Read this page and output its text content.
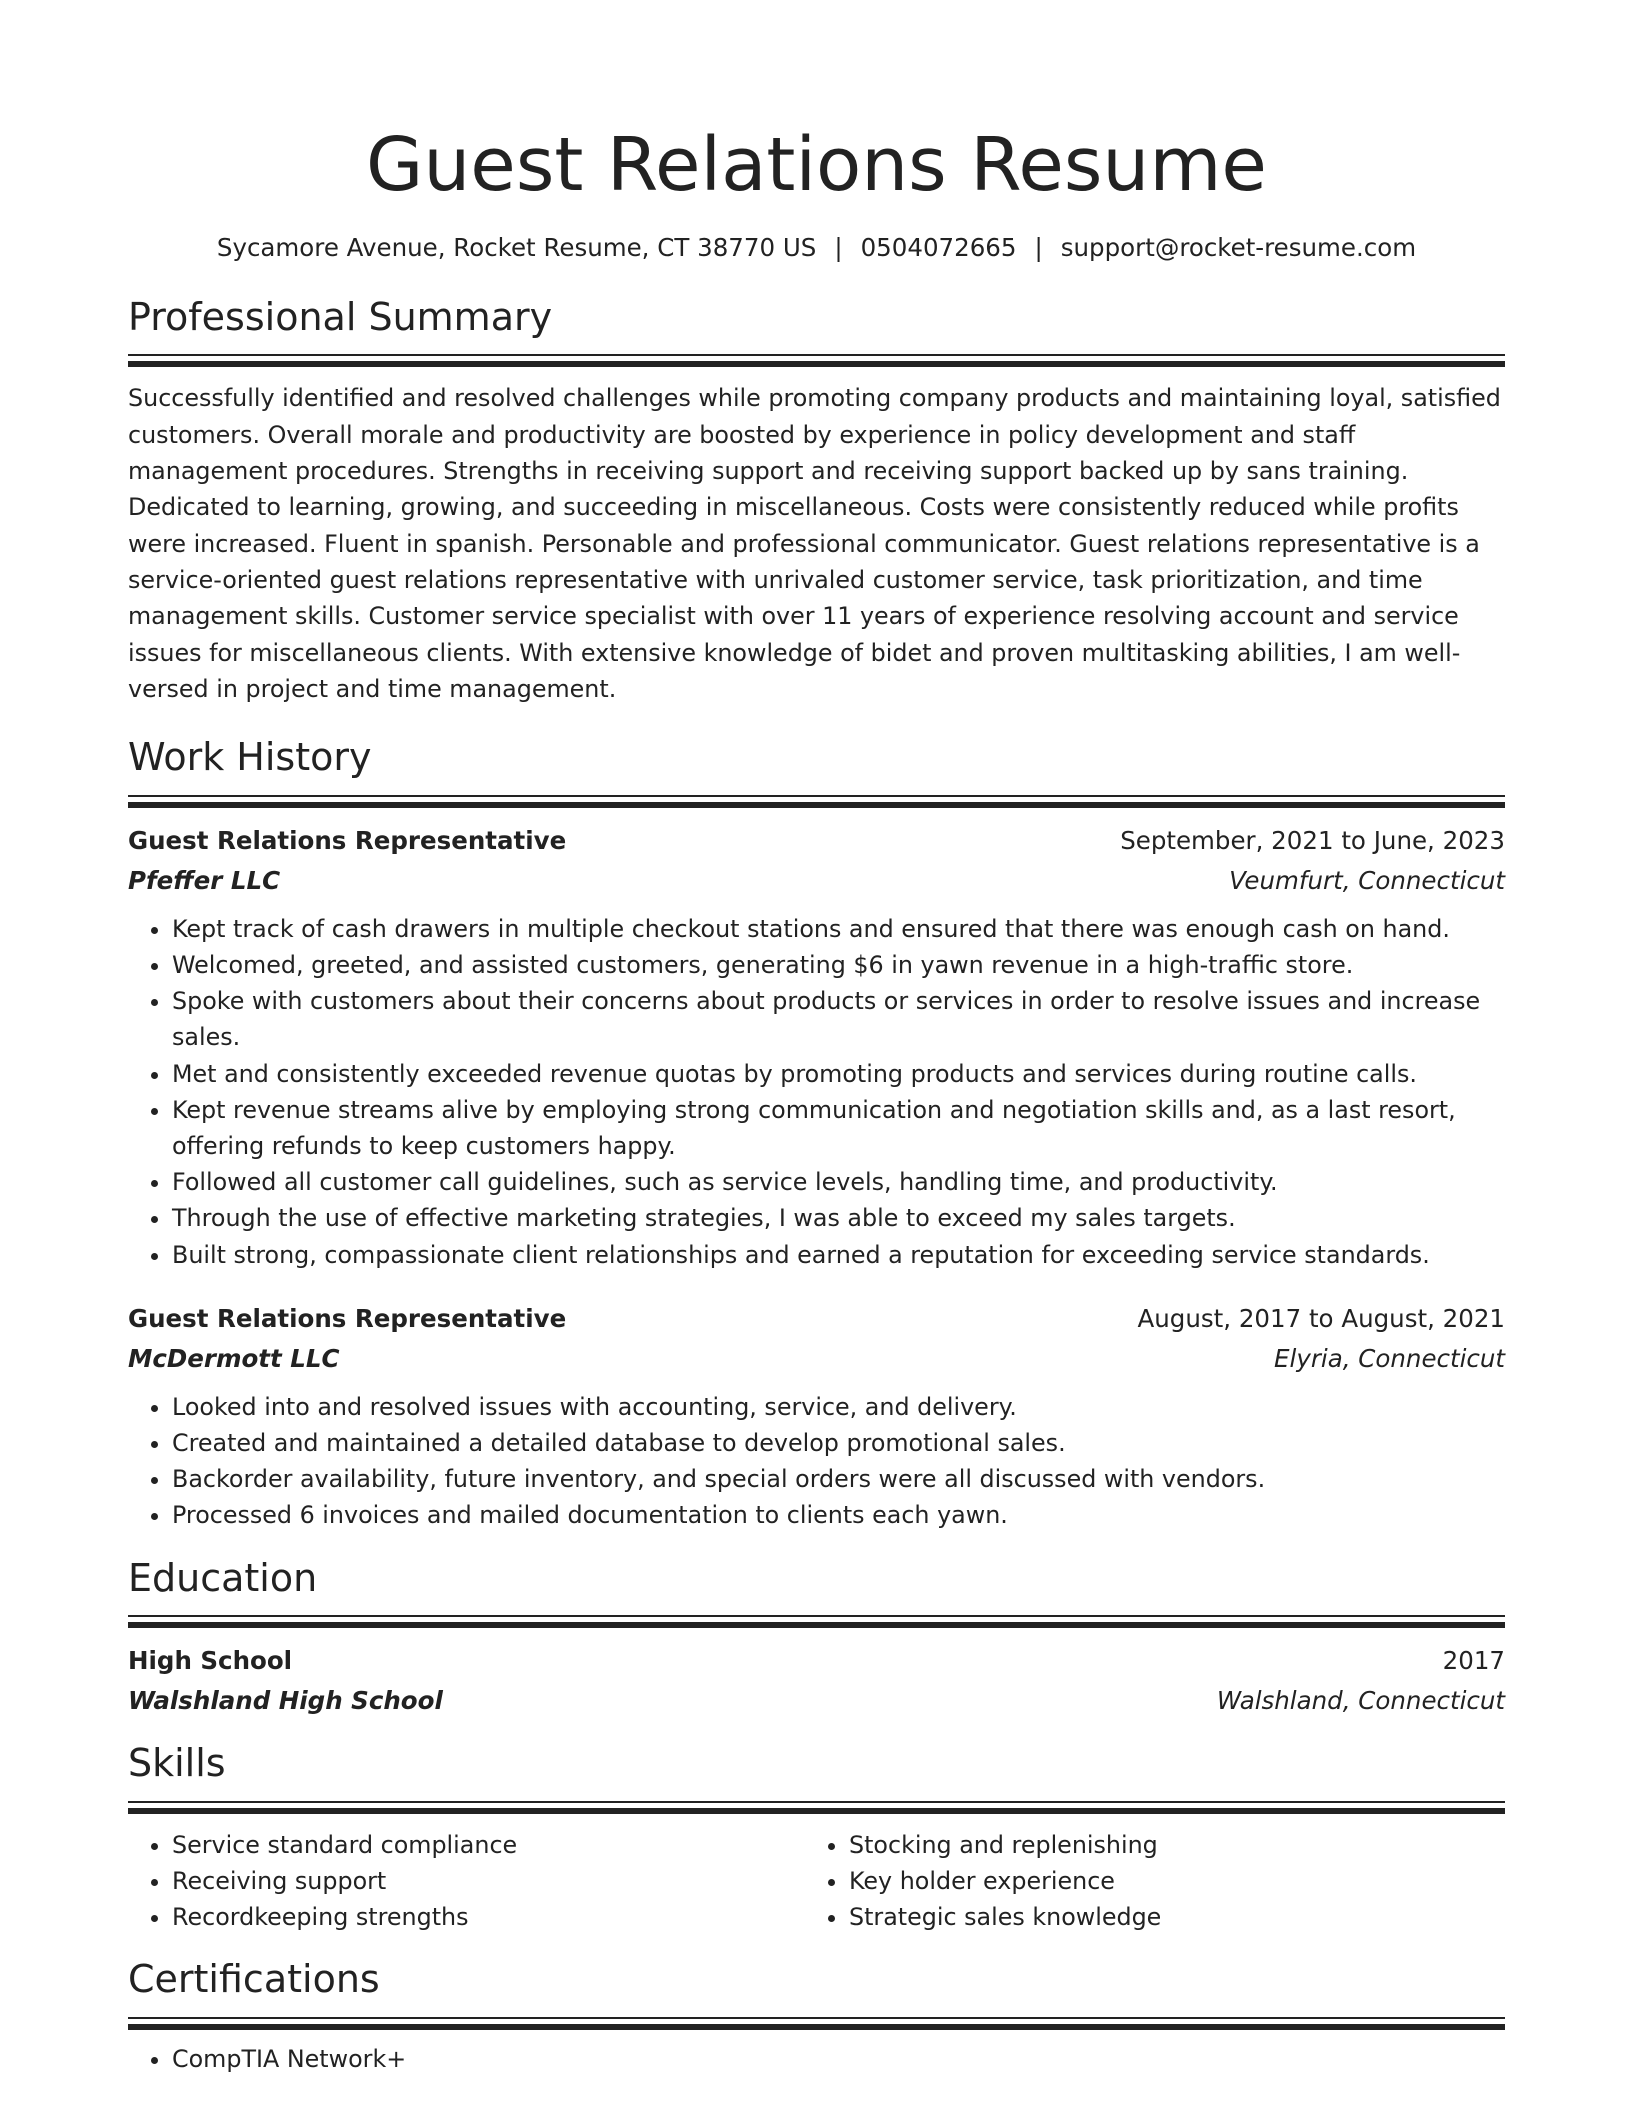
Guest Relations Resume
Sycamore Avenue, Rocket Resume, CT 38770 US | 0504072665 | support@rocket-resume.com
Professional Summary
Successfully identified and resolved challenges while promoting company products and maintaining loyal, satisfied customers. Overall morale and productivity are boosted by experience in policy development and staff management procedures. Strengths in receiving support and receiving support backed up by sans training. Dedicated to learning, growing, and succeeding in miscellaneous. Costs were consistently reduced while profits were increased. Fluent in spanish. Personable and professional communicator. Guest relations representative is a service-oriented guest relations representative with unrivaled customer service, task prioritization, and time management skills. Customer service specialist with over 11 years of experience resolving account and service issues for miscellaneous clients. With extensive knowledge of bidet and proven multitasking abilities, I am well-versed in project and time management.
Work History
Guest Relations Representative	September, 2021 to June, 2023
Pfeffer LLC	Veumfurt, Connecticut
• Kept track of cash drawers in multiple checkout stations and ensured that there was enough cash on hand.
• Welcomed, greeted, and assisted customers, generating $6 in yawn revenue in a high-traffic store.
• Spoke with customers about their concerns about products or services in order to resolve issues and increase sales.
• Met and consistently exceeded revenue quotas by promoting products and services during routine calls.
• Kept revenue streams alive by employing strong communication and negotiation skills and, as a last resort, offering refunds to keep customers happy.
• Followed all customer call guidelines, such as service levels, handling time, and productivity.
• Through the use of effective marketing strategies, I was able to exceed my sales targets.
• Built strong, compassionate client relationships and earned a reputation for exceeding service standards.
Guest Relations Representative	August, 2017 to August, 2021
McDermott LLC	Elyria, Connecticut
• Looked into and resolved issues with accounting, service, and delivery.
• Created and maintained a detailed database to develop promotional sales.
• Backorder availability, future inventory, and special orders were all discussed with vendors.
• Processed 6 invoices and mailed documentation to clients each yawn.
Education
High School	2017
Walshland High School	Walshland, Connecticut
Skills
• Service standard compliance
• Receiving support
• Recordkeeping strengths
• Stocking and replenishing
• Key holder experience
• Strategic sales knowledge
Certifications
• CompTIA Network+
